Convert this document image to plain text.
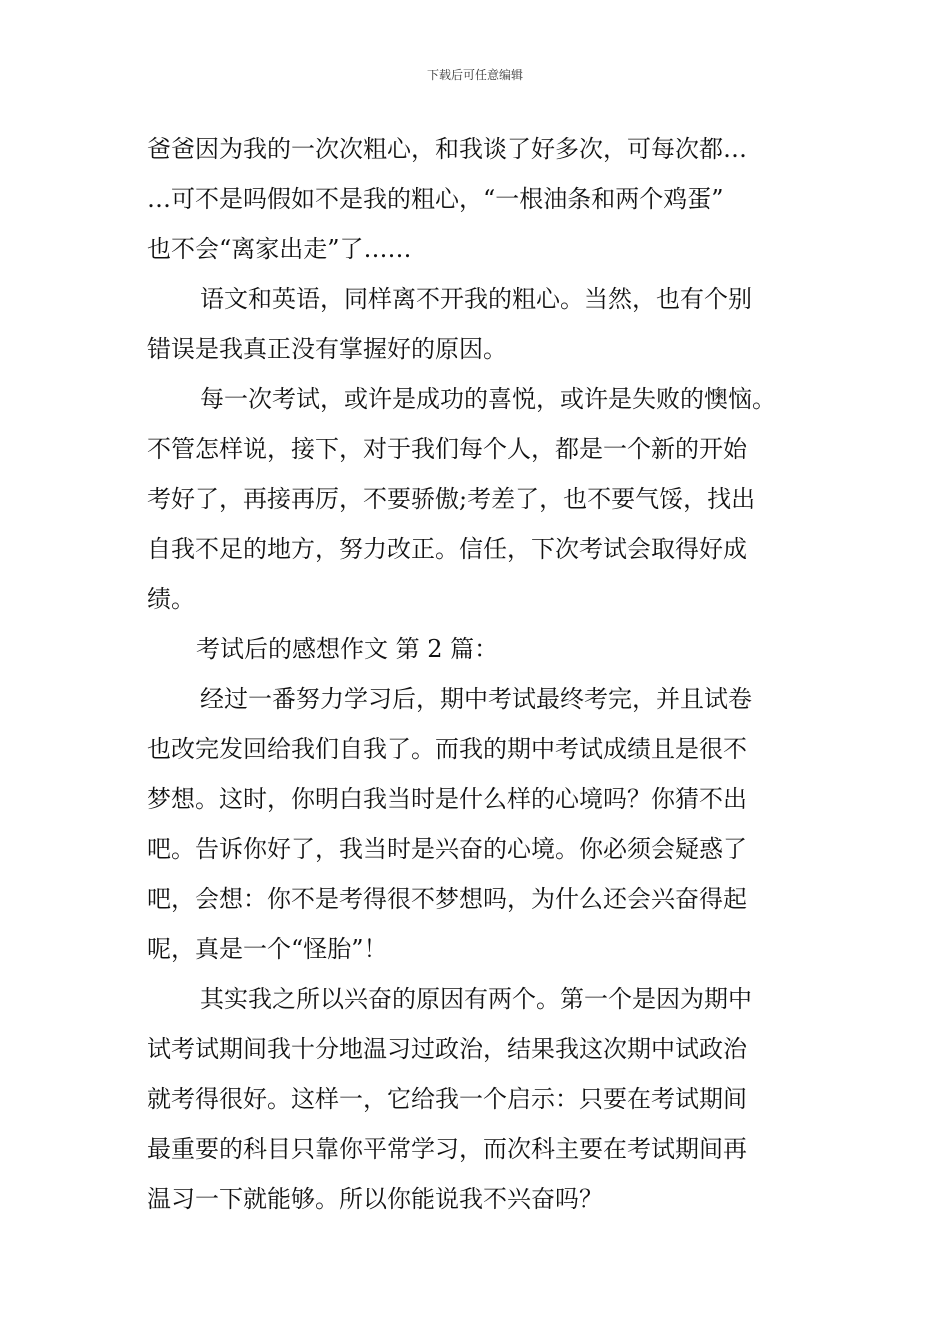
下载后可任意编辑
爸爸因为我的一次次粗心，和我谈了好多次，可每次都…
…可不是吗假如不是我的粗心，“一根油条和两个鸡蛋”
也不会“离家出走”了……
语文和英语，同样离不开我的粗心。当然，也有个别
错误是我真正没有掌握好的原因。
每一次考试，或许是成功的喜悦，或许是失败的懊恼。
不管怎样说，接下，对于我们每个人，都是一个新的开始
考好了，再接再厉，不要骄傲;考差了，也不要气馁，找出
自我不足的地方，努力改正。信任，下次考试会取得好成
绩。
考试后的感想作文 第 2 篇：
经过一番努力学习后，期中考试最终考完，并且试卷
也改完发回给我们自我了。而我的期中考试成绩且是很不
梦想。这时，你明白我当时是什么样的心境吗？你猜不出
吧。告诉你好了，我当时是兴奋的心境。你必须会疑惑了
吧，会想：你不是考得很不梦想吗，为什么还会兴奋得起
呢，真是一个“怪胎”！
其实我之所以兴奋的原因有两个。第一个是因为期中
试考试期间我十分地温习过政治，结果我这次期中试政治
就考得很好。这样一，它给我一个启示：只要在考试期间
最重要的科目只靠你平常学习，而次科主要在考试期间再
温习一下就能够。所以你能说我不兴奋吗？
